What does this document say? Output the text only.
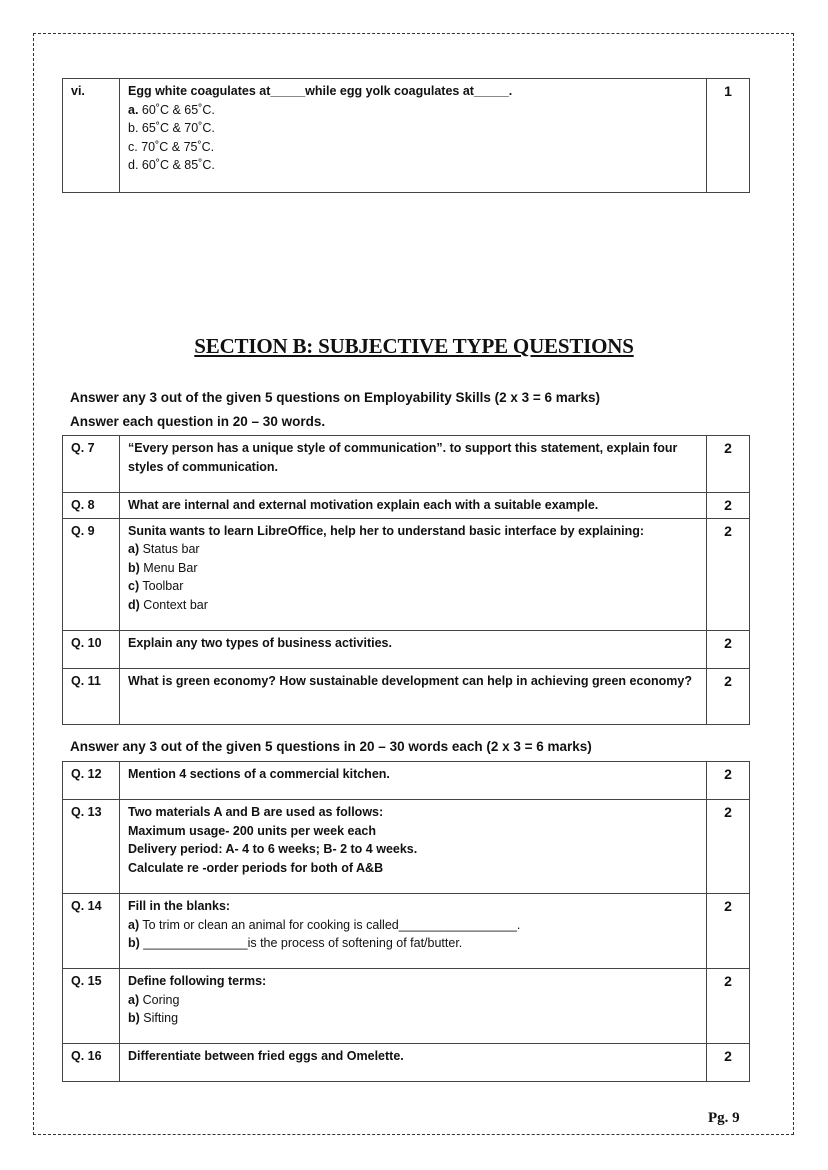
vi.	Egg white coagulates at_____while egg yolk coagulates at_____.
a. 60˚C & 65˚C.
b. 65˚C & 70˚C.
c. 70˚C & 75˚C.
d. 60˚C & 85˚C.
	1
SECTION B: SUBJECTIVE TYPE QUESTIONS
Answer any 3 out of the given 5 questions on Employability Skills (2 x 3 = 6 marks)
Answer each question in 20 – 30 words.
Q. 7	“Every person has a unique style of communication”. to support this statement, explain four styles of communication.	2
Q. 8	What are internal and external motivation explain each with a suitable example.	2
Q. 9	Sunita wants to learn LibreOffice, help her to understand basic interface by explaining:
a) Status bar
b) Menu Bar
c) Toolbar
d) Context bar	2
Q. 10	Explain any two types of business activities.	2
Q. 11	What is green economy? How sustainable development can help in achieving green economy?	2
Answer any 3 out of the given 5 questions in 20 – 30 words each (2 x 3 = 6 marks)
Q. 12	Mention 4 sections of a commercial kitchen.	2
Q. 13	Two materials A and B are used as follows:
Maximum usage- 200 units per week each
Delivery period: A- 4 to 6 weeks; B- 2 to 4 weeks.
Calculate re -order periods for both of A&B	2
Q. 14	Fill in the blanks:
a) To trim or clean an animal for cooking is called_________________.
b) _______________is the process of softening of fat/butter.	2
Q. 15	Define following terms:
a) Coring
b) Sifting	2
Q. 16	Differentiate between fried eggs and Omelette.	2
Pg. 9
